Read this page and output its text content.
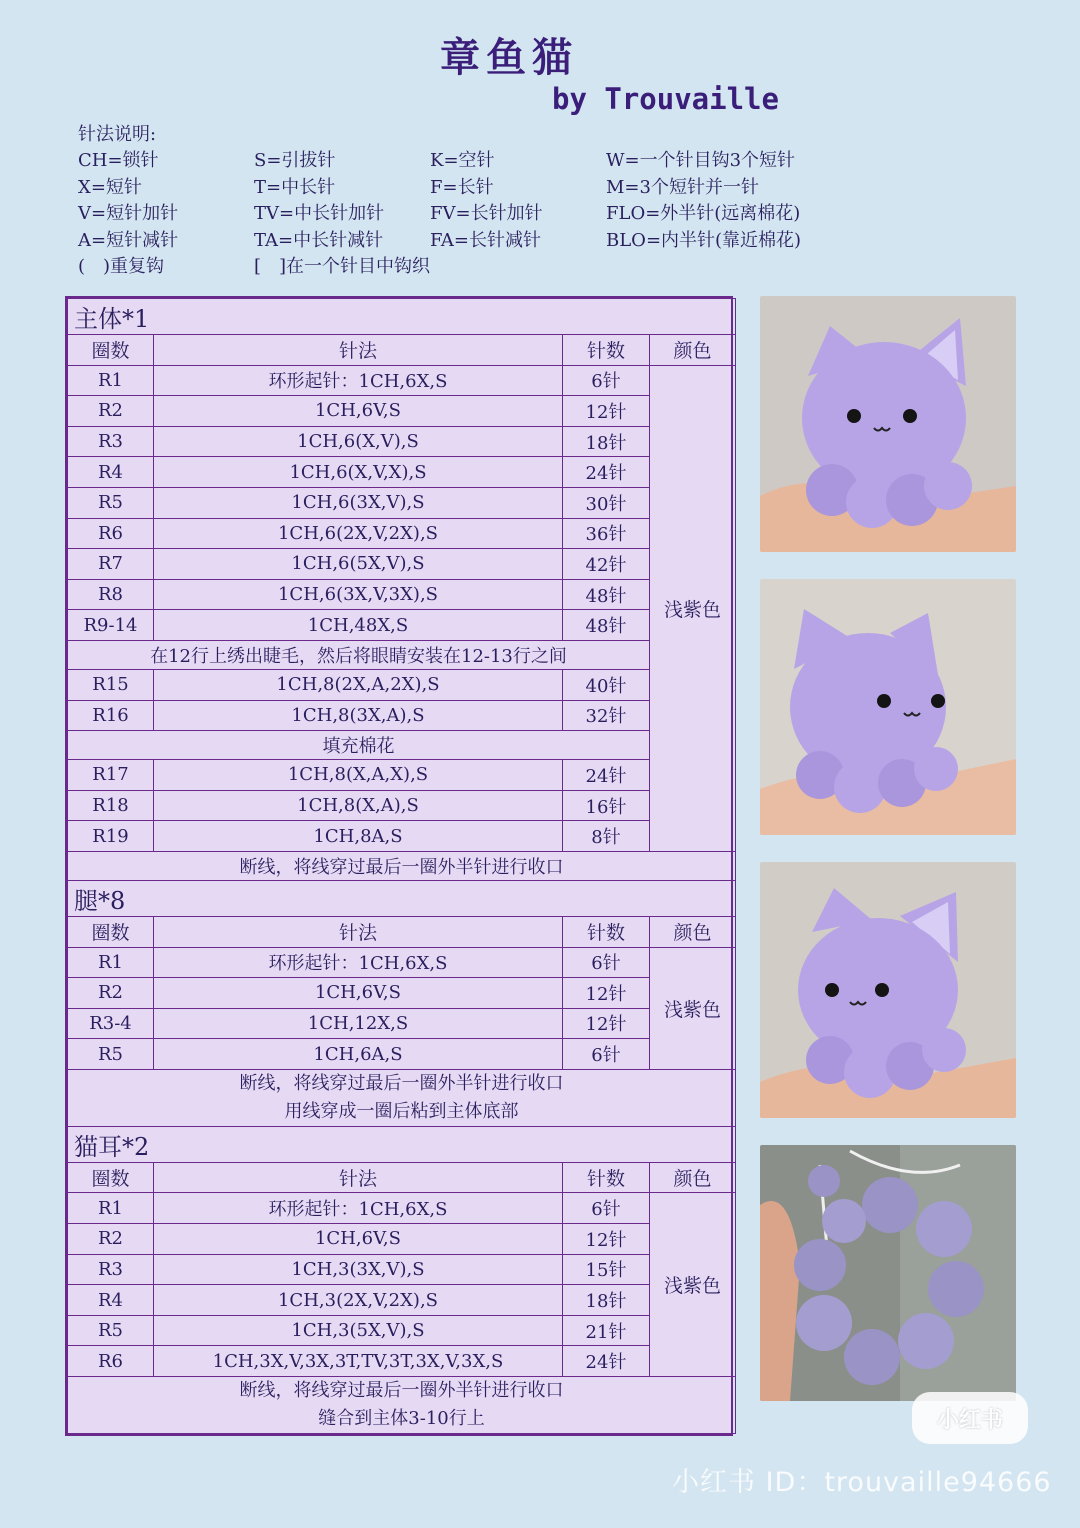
章鱼猫
by Trouvaille
针法说明:
CH=锁针	S=引拔针	K=空针	W=一个针目钩3个短针
X=短针	T=中长针	F=长针	M=3个短针并一针
V=短针加针	TV=中长针加针	FV=长针加针	FLO=外半针(远离棉花)
A=短针减针	TA=中长针减针	FA=长针减针	BLO=内半针(靠近棉花)
(　)重复钩	[　]在一个针目中钩织
主体*1			
圈数	针法	针数	颜色
R1	环形起针：1CH,6X,S	6针	浅紫色
R2	1CH,6V,S	12针	
R3	1CH,6(X,V),S	18针	
R4	1CH,6(X,V,X),S	24针	
R5	1CH,6(3X,V),S	30针	
R6	1CH,6(2X,V,2X),S	36针	
R7	1CH,6(5X,V),S	42针	
R8	1CH,6(3X,V,3X),S	48针	
R9-14	1CH,48X,S	48针	
在12行上绣出睫毛，然后将眼睛安装在12-13行之间			
R15	1CH,8(2X,A,2X),S	40针	
R16	1CH,8(3X,A),S	32针	
填充棉花			
R17	1CH,8(X,A,X),S	24针	
R18	1CH,8(X,A),S	16针	
R19	1CH,8A,S	8针	

断线，将线穿过最后一圈外半针进行收口			

腿*8			
圈数	针法	针数	颜色
R1	环形起针：1CH,6X,S	6针	浅紫色
R2	1CH,6V,S	12针	
R3-4	1CH,12X,S	12针	
R5	1CH,6A,S	6针	

断线，将线穿过最后一圈外半针进行收口
用线穿成一圈后粘到主体底部			

猫耳*2			
圈数	针法	针数	颜色
R1	环形起针：1CH,6X,S	6针	浅紫色
R2	1CH,6V,S	12针	
R3	1CH,3(3X,V),S	15针	
R4	1CH,3(2X,V,2X),S	18针	
R5	1CH,3(5X,V),S	21针	
R6	1CH,3X,V,3X,3T,TV,3T,3X,V,3X,S	24针	

断线，将线穿过最后一圈外半针进行收口
缝合到主体3-10行上				小红书
小红书 ID：trouvaille94666
